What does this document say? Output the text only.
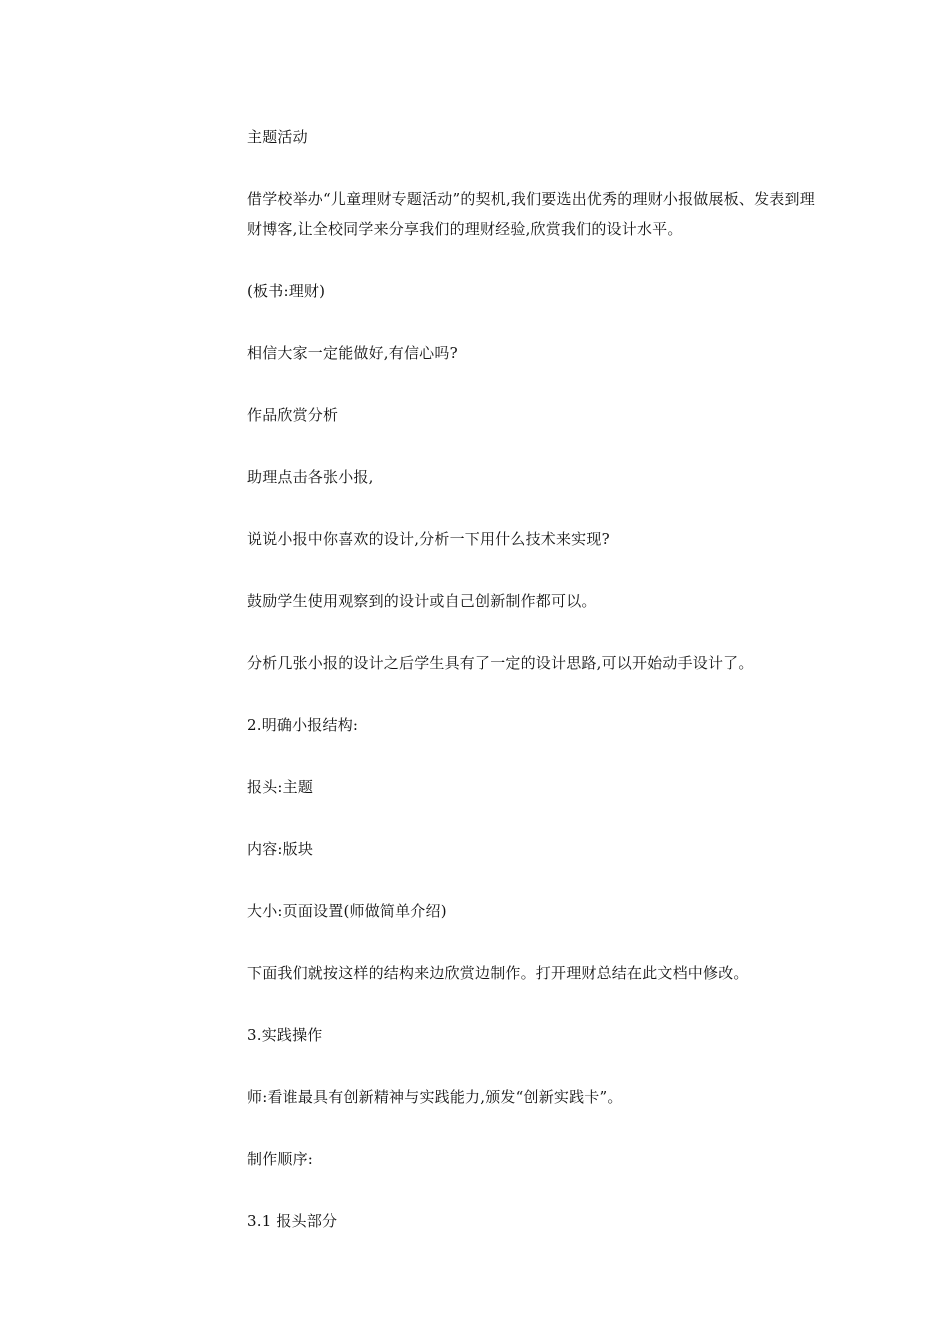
主题活动

借学校举办“儿童理财专题活动”的契机,我们要选出优秀的理财小报做展板、发表到理财博客,让全校同学来分享我们的理财经验,欣赏我们的设计水平。

(板书:理财)

相信大家一定能做好,有信心吗?

作品欣赏分析

助理点击各张小报,

说说小报中你喜欢的设计,分析一下用什么技术来实现?

鼓励学生使用观察到的设计或自己创新制作都可以。

分析几张小报的设计之后学生具有了一定的设计思路,可以开始动手设计了。

2.明确小报结构:

报头:主题

内容:版块

大小:页面设置(师做简单介绍)

下面我们就按这样的结构来边欣赏边制作。打开理财总结在此文档中修改。

3.实践操作

师:看谁最具有创新精神与实践能力,颁发“创新实践卡”。

制作顺序:

3.1 报头部分
